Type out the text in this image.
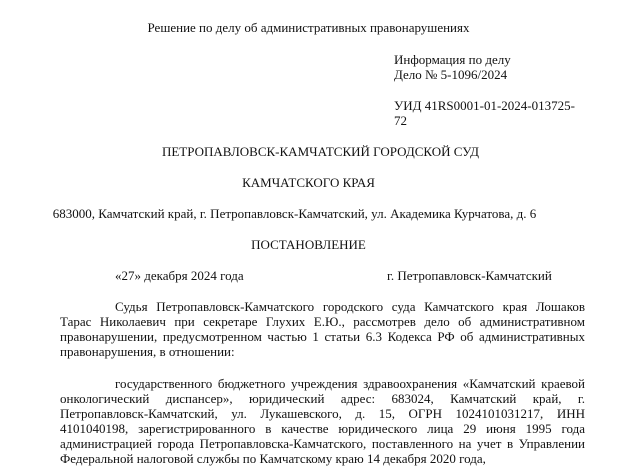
Решение по делу об административных правонарушениях
Информация по делу
Дело № 5-1096/2024
УИД 41RS0001-01-2024-013725-
72
ПЕТРОПАВЛОВСК-КАМЧАТСКИЙ ГОРОДСКОЙ СУД
КАМЧАТСКОГО КРАЯ
683000, Камчатский край, г. Петропавловск-Камчатский, ул. Академика Курчатова, д. 6
ПОСТАНОВЛЕНИЕ
«27» декабря 2024 года	г. Петропавловск-Камчатский
Судья Петропавловск-Камчатского городского суда Камчатского края Лошаков
Тарас Николаевич при секретаре Глухих Е.Ю., рассмотрев дело об административном
правонарушении, предусмотренном частью 1 статьи 6.3 Кодекса РФ об административных
правонарушения, в отношении:
государственного бюджетного учреждения здравоохранения «Камчатский краевой
онкологический диспансер», юридический адрес: 683024, Камчатский край, г.
Петропавловск-Камчатский, ул. Лукашевского, д. 15, ОГРН 1024101031217, ИНН
4101040198, зарегистрированного в качестве юридического лица 29 июня 1995 года
администрацией города Петропавловска-Камчатского, поставленного на учет в Управлении
Федеральной налоговой службы по Камчатскому краю 14 декабря 2020 года,
